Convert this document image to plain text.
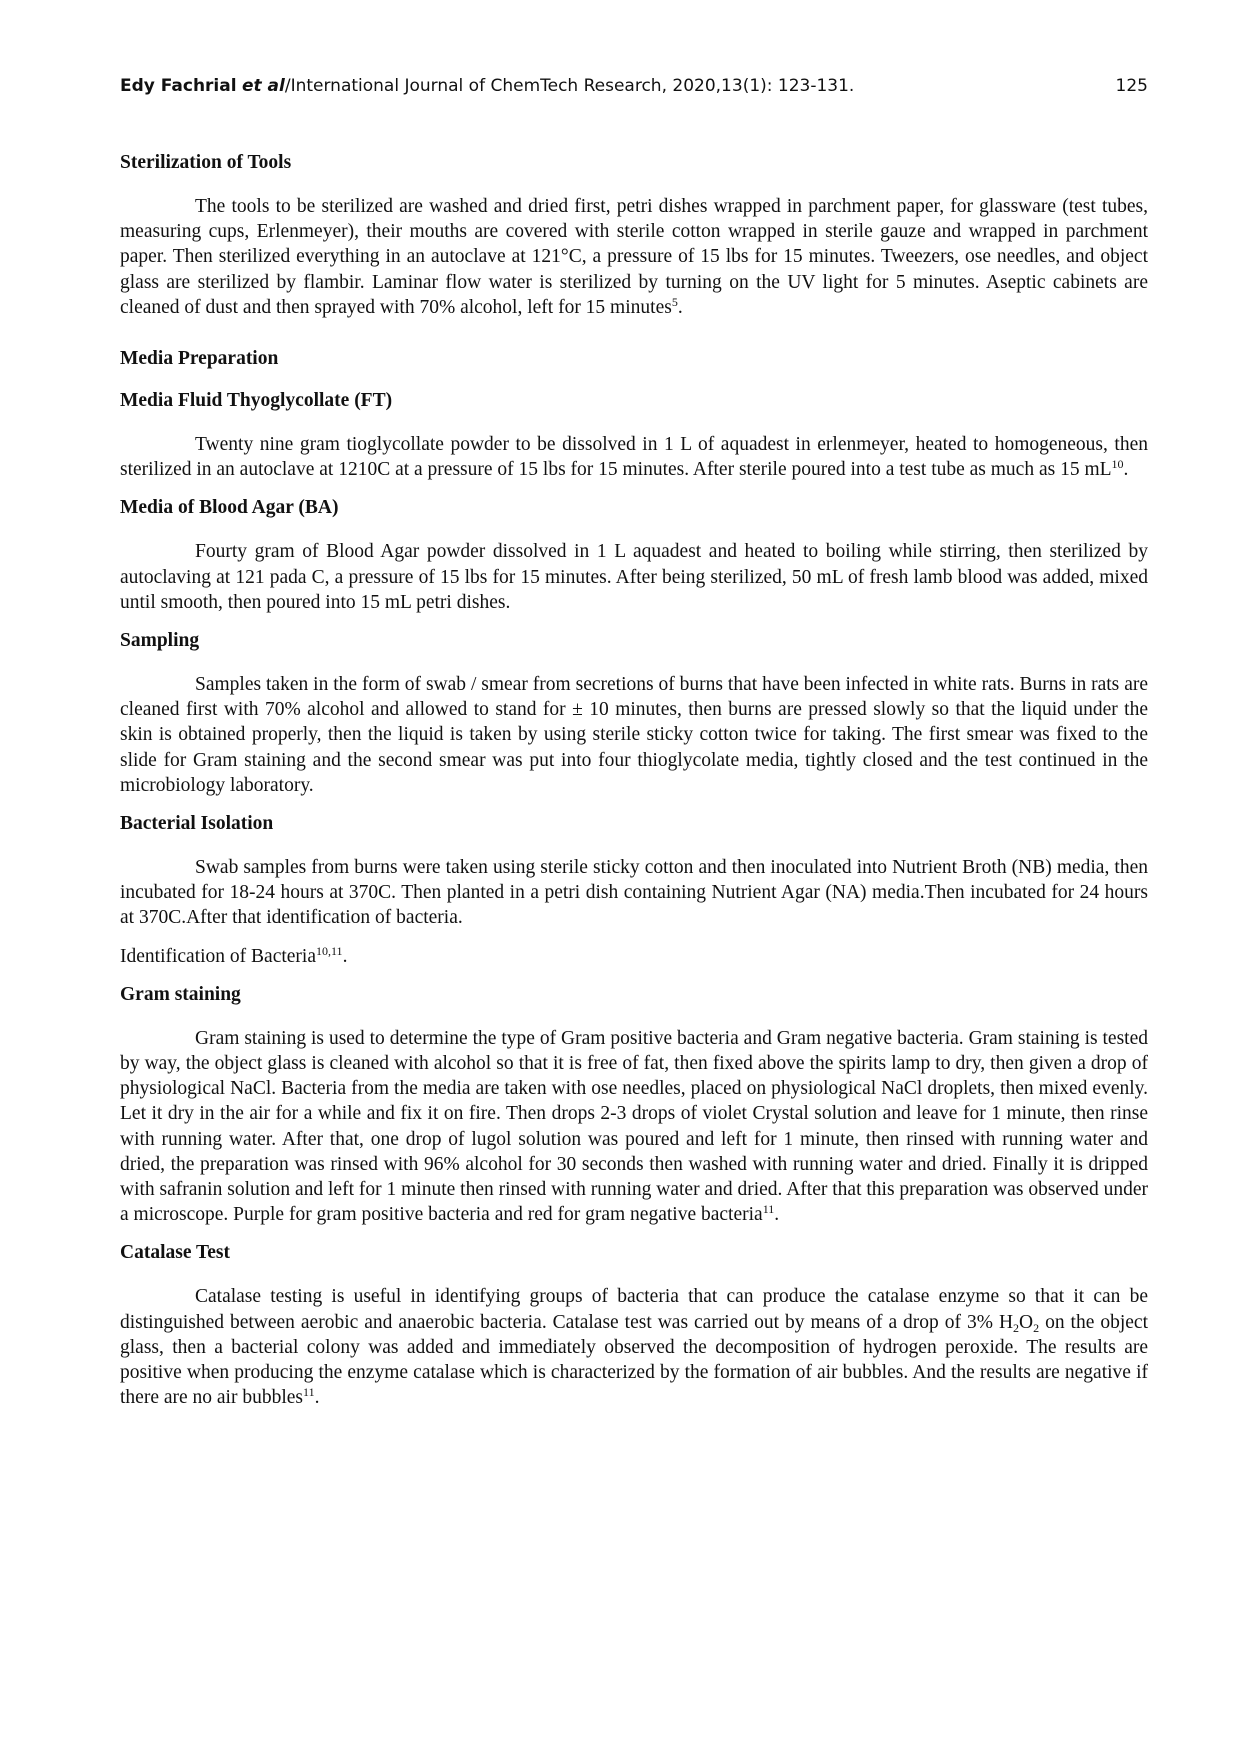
Edy Fachrial et al/International Journal of ChemTech Research, 2020,13(1): 123-131.	125
Sterilization of Tools

The tools to be sterilized are washed and dried first, petri dishes wrapped in parchment paper, for glassware (test tubes, measuring cups, Erlenmeyer), their mouths are covered with sterile cotton wrapped in sterile gauze and wrapped in parchment paper. Then sterilized everything in an autoclave at 121°C, a pressure of 15 lbs for 15 minutes. Tweezers, ose needles, and object glass are sterilized by flambir. Laminar flow water is sterilized by turning on the UV light for 5 minutes. Aseptic cabinets are cleaned of dust and then sprayed with 70% alcohol, left for 15 minutes$^5$.

Media Preparation
Media Fluid Thyoglycollate (FT)

Twenty nine gram tioglycollate powder to be dissolved in 1 L of aquadest in erlenmeyer, heated to homogeneous, then sterilized in an autoclave at 1210C at a pressure of 15 lbs for 15 minutes. After sterile poured into a test tube as much as 15 $mL^{10}$.

Media of Blood Agar (BA)

Fourty gram of Blood Agar powder dissolved in 1 L aquadest and heated to boiling while stirring, then sterilized by autoclaving at 121 pada C, a pressure of 15 lbs for 15 minutes. After being sterilized, 50 mL of fresh lamb blood was added, mixed until smooth, then poured into 15 mL petri dishes.

Sampling

Samples taken in the form of swab / smear from secretions of burns that have been infected in white rats. Burns in rats are cleaned first with 70% alcohol and allowed to stand for ± 10 minutes, then burns are pressed slowly so that the liquid under the skin is obtained properly, then the liquid is taken by using sterile sticky cotton twice for taking. The first smear was fixed to the slide for Gram staining and the second smear was put into four thioglycolate media, tightly closed and the test continued in the microbiology laboratory.

Bacterial Isolation

Swab samples from burns were taken using sterile sticky cotton and then inoculated into Nutrient Broth (NB) media, then incubated for 18-24 hours at 370C. Then planted in a petri dish containing Nutrient Agar (NA) media.Then incubated for 24 hours at 370C.After that identification of bacteria.

Identification of Bacteria$^{10,11}$.

Gram staining

Gram staining is used to determine the type of Gram positive bacteria and Gram negative bacteria. Gram staining is tested by way, the object glass is cleaned with alcohol so that it is free of fat, then fixed above the spirits lamp to dry, then given a drop of physiological NaCl. Bacteria from the media are taken with ose needles, placed on physiological NaCl droplets, then mixed evenly. Let it dry in the air for a while and fix it on fire. Then drops 2-3 drops of violet Crystal solution and leave for 1 minute, then rinse with running water. After that, one drop of lugol solution was poured and left for 1 minute, then rinsed with running water and dried, the preparation was rinsed with 96% alcohol for 30 seconds then washed with running water and dried. Finally it is dripped with safranin solution and left for 1 minute then rinsed with running water and dried. After that this preparation was observed under a microscope. Purple for gram positive bacteria and red for gram negative bacteria$^{11}$.

Catalase Test

Catalase testing is useful in identifying groups of bacteria that can produce the catalase enzyme so that it can be distinguished between aerobic and anaerobic bacteria. Catalase test was carried out by means of a drop of 3% $H_2O_2$ on the object glass, then a bacterial colony was added and immediately observed the decomposition of hydrogen peroxide. The results are positive when producing the enzyme catalase which is characterized by the formation of air bubbles. And the results are negative if there are no air bubbles$^{11}$.
